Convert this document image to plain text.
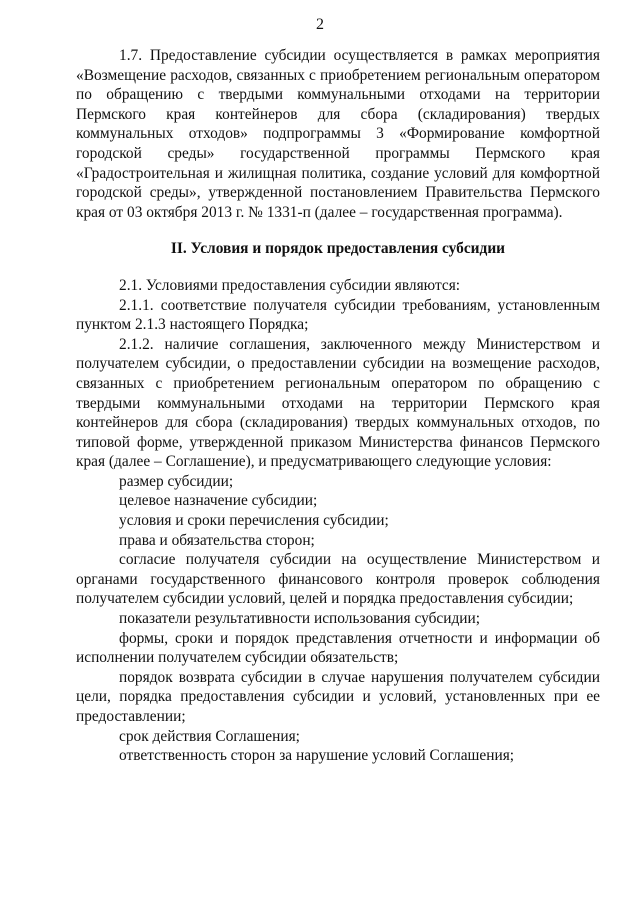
2

1.7. Предоставление субсидии осуществляется в рамках мероприятия «Возмещение расходов, связанных с приобретением региональным оператором по обращению с твердыми коммунальными отходами на территории Пермского края контейнеров для сбора (складирования) твердых коммунальных отходов» подпрограммы 3 «Формирование комфортной городской среды» государственной программы Пермского края «Градостроительная и жилищная политика, создание условий для комфортной городской среды», утвержденной постановлением Правительства Пермского края от 03 октября 2013 г. № 1331-п (далее – государственная программа).

II. Условия и порядок предоставления субсидии

2.1. Условиями предоставления субсидии являются:

2.1.1. соответствие получателя субсидии требованиям, установленным пунктом 2.1.3 настоящего Порядка;

2.1.2. наличие соглашения, заключенного между Министерством и получателем субсидии, о предоставлении субсидии на возмещение расходов, связанных с приобретением региональным оператором по обращению с твердыми коммунальными отходами на территории Пермского края контейнеров для сбора (складирования) твердых коммунальных отходов, по типовой форме, утвержденной приказом Министерства финансов Пермского края (далее – Соглашение), и предусматривающего следующие условия:

размер субсидии;

целевое назначение субсидии;

условия и сроки перечисления субсидии;

права и обязательства сторон;

согласие получателя субсидии на осуществление Министерством и органами государственного финансового контроля проверок соблюдения получателем субсидии условий, целей и порядка предоставления субсидии;

показатели результативности использования субсидии;

формы, сроки и порядок представления отчетности и информации об исполнении получателем субсидии обязательств;

порядок возврата субсидии в случае нарушения получателем субсидии цели, порядка предоставления субсидии и условий, установленных при ее предоставлении;

срок действия Соглашения;

ответственность сторон за нарушение условий Соглашения;
